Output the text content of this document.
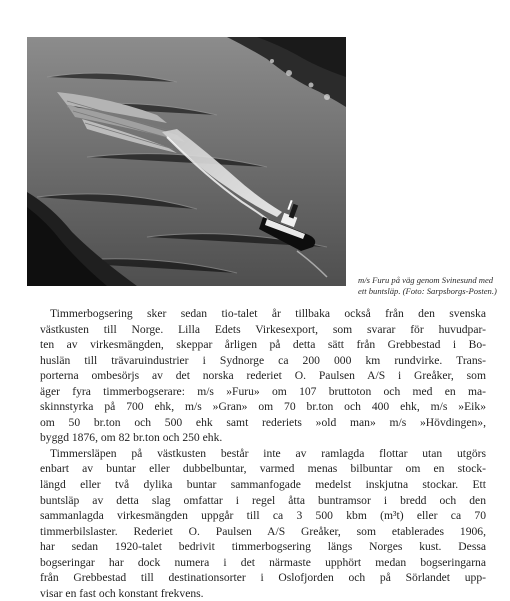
m/s Furu på väg genom Svinesund med
ett buntsläp. (Foto: Sarpsborgs-Posten.)
Timmerbogsering sker sedan tio-talet år tillbaka också från den svenska
västkusten till Norge. Lilla Edets Virkesexport, som svarar för huvudpar-
ten av virkesmängden, skeppar årligen på detta sätt från Grebbestad i Bo-
huslän till trävaruindustrier i Sydnorge ca 200 000 km rundvirke. Trans-
porterna ombesörjs av det norska rederiet O. Paulsen A/S i Greåker, som
äger fyra timmerbogserare: m/s »Furu» om 107 bruttoton och med en ma-
skinnstyrka på 700 ehk, m/s »Gran» om 70 br.ton och 400 ehk, m/s »Eik»
om 50 br.ton och 500 ehk samt rederiets »old man» m/s »Hövdingen»,
byggd 1876, om 82 br.ton och 250 ehk.
Timmersläpen på västkusten består inte av ramlagda flottar utan utgörs
enbart av buntar eller dubbelbuntar, varmed menas bilbuntar om en stock-
längd eller två dylika buntar sammanfogade medelst inskjutna stockar. Ett
buntsläp av detta slag omfattar i regel åtta buntramsor i bredd och den
sammanlagda virkesmängden uppgår till ca 3 500 kbm (m³t) eller ca 70
timmerbilslaster. Rederiet O. Paulsen A/S Greåker, som etablerades 1906,
har sedan 1920-talet bedrivit timmerbogsering längs Norges kust. Dessa
bogseringar har dock numera i det närmaste upphört medan bogseringarna
från Grebbestad till destinationsorter i Oslofjorden och på Sörlandet upp-
visar en fast och konstant frekvens.
